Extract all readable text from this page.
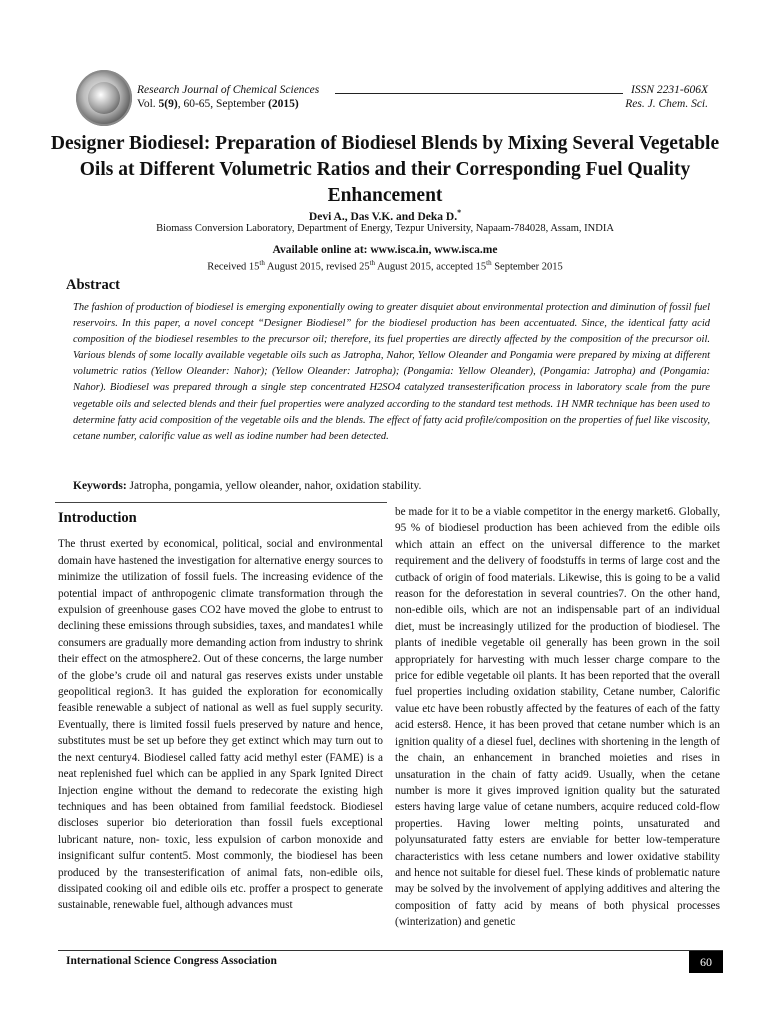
Research Journal of Chemical Sciences	ISSN 2231-606X
Vol. 5(9), 60-65, September (2015)	Res. J. Chem. Sci.
Designer Biodiesel: Preparation of Biodiesel Blends by Mixing Several Vegetable Oils at Different Volumetric Ratios and their Corresponding Fuel Quality Enhancement
Devi A., Das V.K. and Deka D.*
Biomass Conversion Laboratory, Department of Energy, Tezpur University, Napaam-784028, Assam, INDIA
Available online at: www.isca.in, www.isca.me
Received 15th August 2015, revised 25th August 2015, accepted 15th September 2015
Abstract

The fashion of production of biodiesel is emerging exponentially owing to greater disquiet about environmental protection and diminution of fossil fuel reservoirs. In this paper, a novel concept “Designer Biodiesel” for the biodiesel production has been accentuated. Since, the identical fatty acid composition of the biodiesel resembles to the precursor oil; therefore, its fuel properties are directly affected by the composition of the precursor oil. Various blends of some locally available vegetable oils such as Jatropha, Nahor, Yellow Oleander and Pongamia were prepared by mixing at different volumetric ratios (Yellow Oleander: Nahor); (Yellow Oleander: Jatropha); (Pongamia: Yellow Oleander), (Pongamia: Jatropha) and (Pongamia: Nahor). Biodiesel was prepared through a single step concentrated H2SO4 catalyzed transesterification process in laboratory scale from the pure vegetable oils and selected blends and their fuel properties were analyzed according to the standard test methods. 1H NMR technique has been used to determine fatty acid composition of the vegetable oils and the blends. The effect of fatty acid profile/composition on the properties of fuel like viscosity, cetane number, calorific value as well as iodine number had been detected.

Keywords: Jatropha, pongamia, yellow oleander, nahor, oxidation stability.
Introduction

The thrust exerted by economical, political, social and environmental domain have hastened the investigation for alternative energy sources to minimize the utilization of fossil fuels. The increasing evidence of the potential impact of anthropogenic climate transformation through the expulsion of greenhouse gases CO2 have moved the globe to entrust to declining these emissions through subsidies, taxes, and mandates1 while consumers are gradually more demanding action from industry to shrink their effect on the atmosphere2. Out of these concerns, the large number of the globe’s crude oil and natural gas reserves exists under unstable geopolitical region3. It has guided the exploration for economically feasible renewable a subject of national as well as fuel supply security. Eventually, there is limited fossil fuels preserved by nature and hence, substitutes must be set up before they get extinct which may turn out to the next century4. Biodiesel called fatty acid methyl ester (FAME) is a neat replenished fuel which can be applied in any Spark Ignited Direct Injection engine without the demand to redecorate the existing high techniques and has been obtained from familial feedstock. Biodiesel discloses superior bio deterioration than fossil fuels exceptional lubricant nature, non- toxic, less expulsion of carbon monoxide and insignificant sulfur content5. Most commonly, the biodiesel has been produced by the transesterification of animal fats, non-edible oils, dissipated cooking oil and edible oils etc. proffer a prospect to generate sustainable, renewable fuel, although advances must

be made for it to be a viable competitor in the energy market6. Globally, 95 % of biodiesel production has been achieved from the edible oils which attain an effect on the universal difference to the market requirement and the delivery of foodstuffs in terms of large cost and the cutback of origin of food materials. Likewise, this is going to be a valid reason for the deforestation in several countries7. On the other hand, non-edible oils, which are not an indispensable part of an individual diet, must be increasingly utilized for the production of biodiesel. The plants of inedible vegetable oil generally has been grown in the soil appropriately for harvesting with much lesser charge compare to the price for edible vegetable oil plants. It has been reported that the overall fuel properties including oxidation stability, Cetane number, Calorific value etc have been robustly affected by the features of each of the fatty acid esters8. Hence, it has been proved that cetane number which is an ignition quality of a diesel fuel, declines with shortening in the length of the chain, an enhancement in branched moieties and rises in unsaturation in the chain of fatty acid9. Usually, when the cetane number is more it gives improved ignition quality but the saturated esters having large value of cetane numbers, acquire reduced cold-flow properties. Having lower melting points, unsaturated and polyunsaturated fatty esters are enviable for better low-temperature characteristics with less cetane numbers and lower oxidative stability and hence not suitable for diesel fuel. These kinds of problematic nature may be solved by the involvement of applying additives and altering the composition of fatty acid by means of both physical processes (winterization) and genetic

International Science Congress Association	60
